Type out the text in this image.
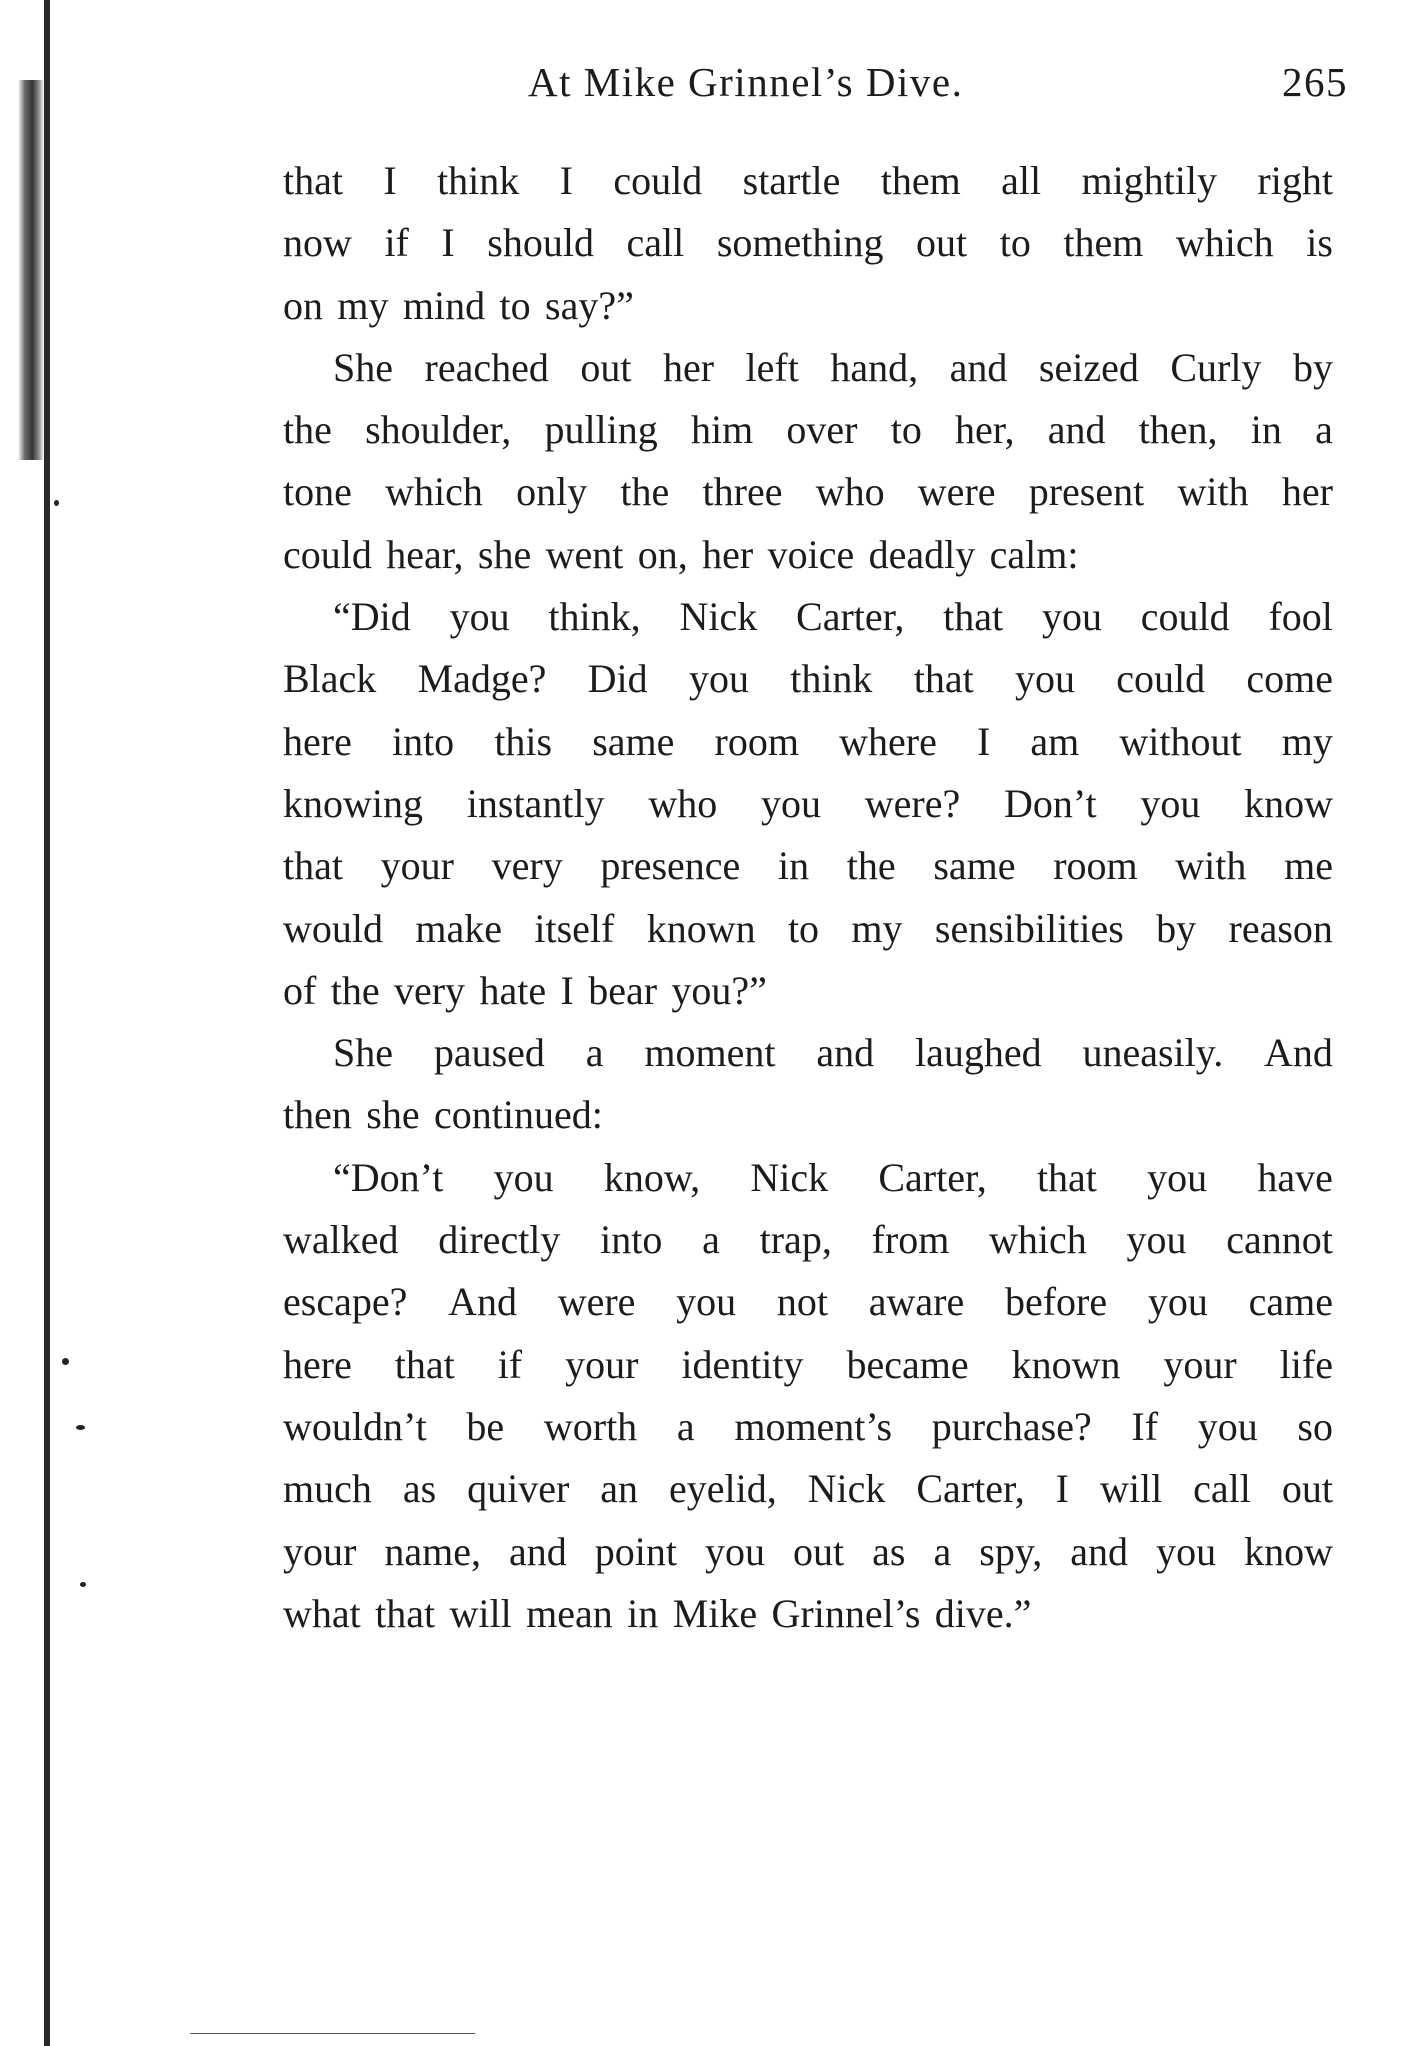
At Mike Grinnel’s Dive.	265
that I think I could startle them all mightily right
now if I should call something out to them which is
on my mind to say?”
She reached out her left hand, and seized Curly by
the shoulder, pulling him over to her, and then, in a
tone which only the three who were present with her
could hear, she went on, her voice deadly calm:
“Did you think, Nick Carter, that you could fool
Black Madge? Did you think that you could come
here into this same room where I am without my
knowing instantly who you were? Don’t you know
that your very presence in the same room with me
would make itself known to my sensibilities by reason
of the very hate I bear you?”
She paused a moment and laughed uneasily. And
then she continued:
“Don’t you know, Nick Carter, that you have
walked directly into a trap, from which you cannot
escape? And were you not aware before you came
here that if your identity became known your life
wouldn’t be worth a moment’s purchase? If you so
much as quiver an eyelid, Nick Carter, I will call out
your name, and point you out as a spy, and you know
what that will mean in Mike Grinnel’s dive.”
